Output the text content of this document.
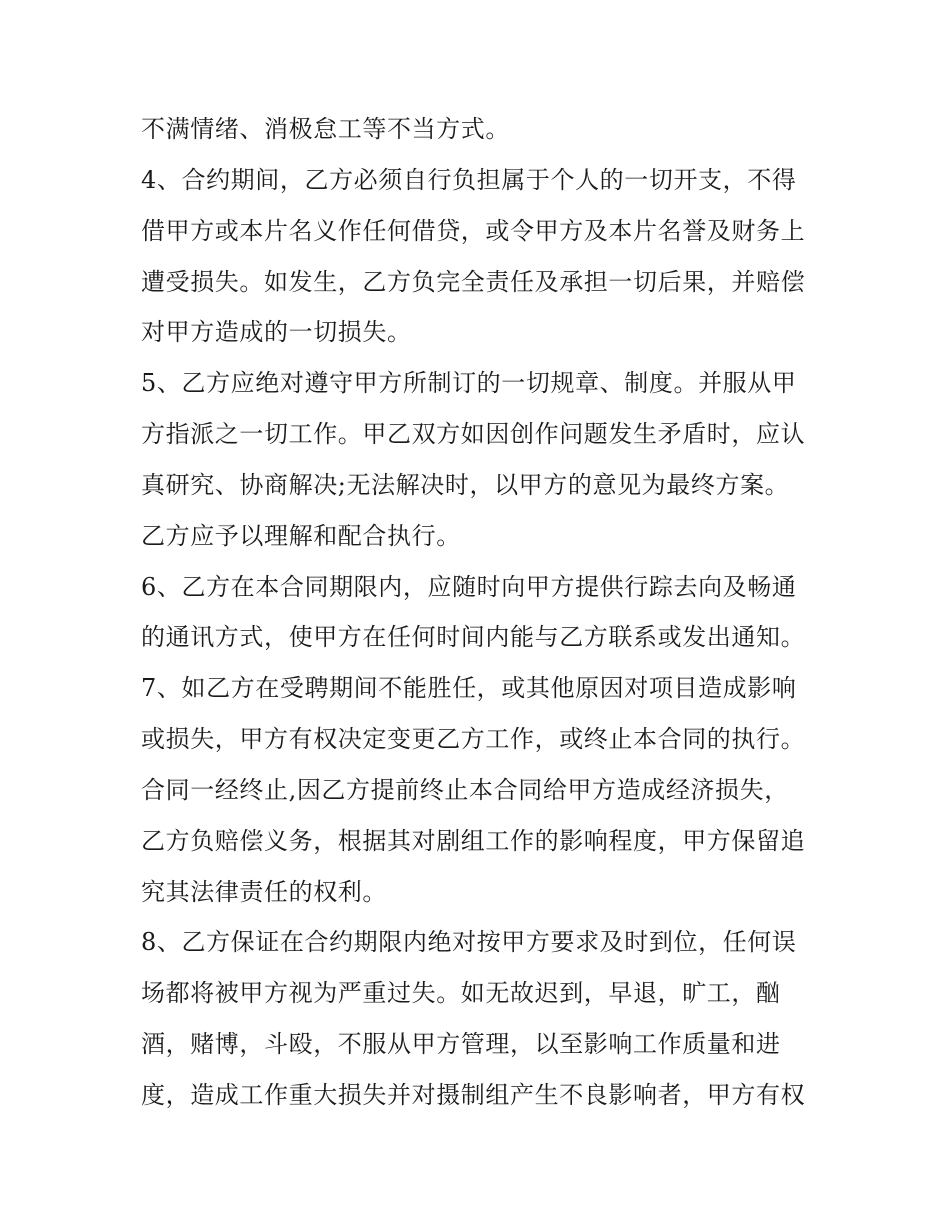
不满情绪、消极怠工等不当方式。
4、合约期间，乙方必须自行负担属于个人的一切开支，不得
借甲方或本片名义作任何借贷，或令甲方及本片名誉及财务上
遭受损失。如发生，乙方负完全责任及承担一切后果，并赔偿
对甲方造成的一切损失。
5、乙方应绝对遵守甲方所制订的一切规章、制度。并服从甲
方指派之一切工作。甲乙双方如因创作问题发生矛盾时，应认
真研究、协商解决;无法解决时，以甲方的意见为最终方案。
乙方应予以理解和配合执行。
6、乙方在本合同期限内，应随时向甲方提供行踪去向及畅通
的通讯方式，使甲方在任何时间内能与乙方联系或发出通知。
7、如乙方在受聘期间不能胜任，或其他原因对项目造成影响
或损失，甲方有权决定变更乙方工作，或终止本合同的执行。
合同一经终止,因乙方提前终止本合同给甲方造成经济损失，
乙方负赔偿义务，根据其对剧组工作的影响程度，甲方保留追
究其法律责任的权利。
8、乙方保证在合约期限内绝对按甲方要求及时到位，任何误
场都将被甲方视为严重过失。如无故迟到，早退，旷工，酗
酒，赌博，斗殴，不服从甲方管理，以至影响工作质量和进
度，造成工作重大损失并对摄制组产生不良影响者，甲方有权
